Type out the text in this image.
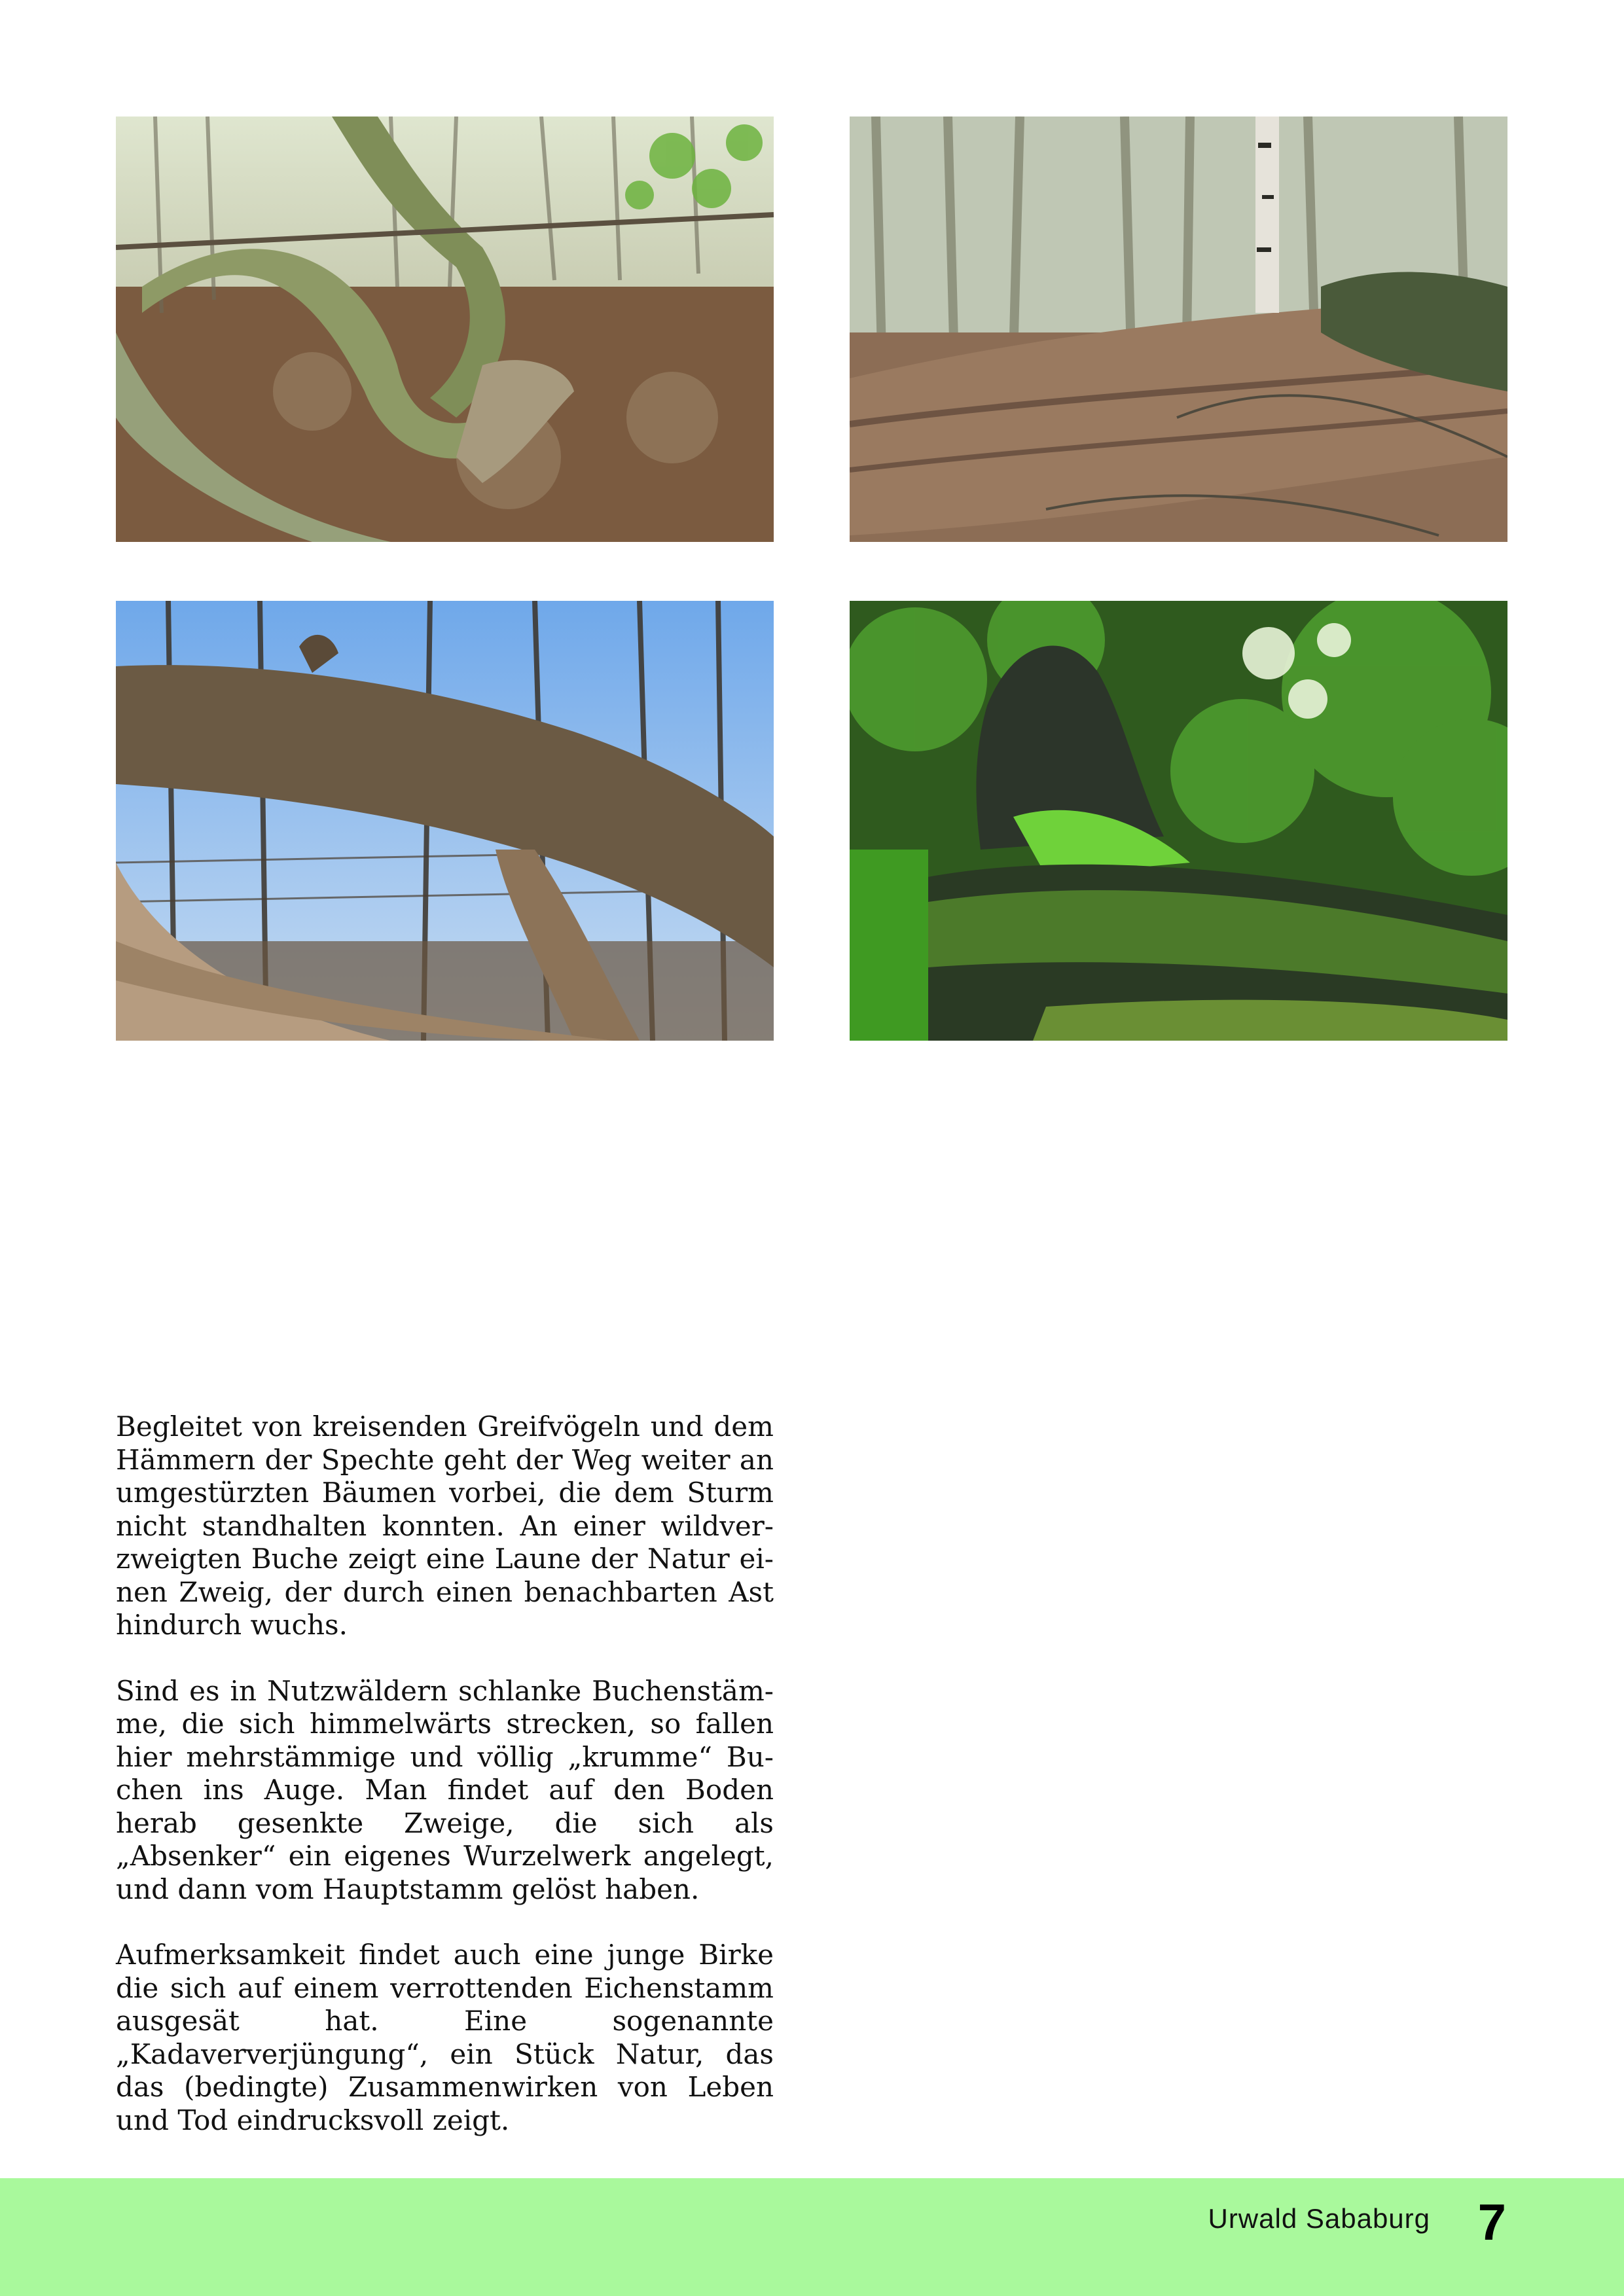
Begleitet von kreisenden Greifvögeln und dem Hämmern der Spechte geht der Weg weiter an umgestürzten Bäumen vorbei, die dem Sturm nicht standhalten konnten. An einer wildverzweigten Buche zeigt eine Laune der Natur einen Zweig, der durch einen benachbarten Ast hindurch wuchs.

Sind es in Nutzwäldern schlanke Buchenstämme, die sich himmelwärts strecken, so fallen hier mehrstämmige und völlig „krumme“ Buchen ins Auge. Man findet auf den Boden herab gesenkte Zweige, die sich als „Absenker“ ein eigenes Wurzelwerk angelegt, und dann vom Hauptstamm gelöst haben.

Aufmerksamkeit findet auch eine junge Birke die sich auf einem verrottenden Eichenstamm ausgesät hat. Eine sogenannte „Kadaververjüngung“, ein Stück Natur, das das (bedingte) Zusammenwirken von Leben und Tod eindrucksvoll zeigt.

Urwald Sababurg 7
